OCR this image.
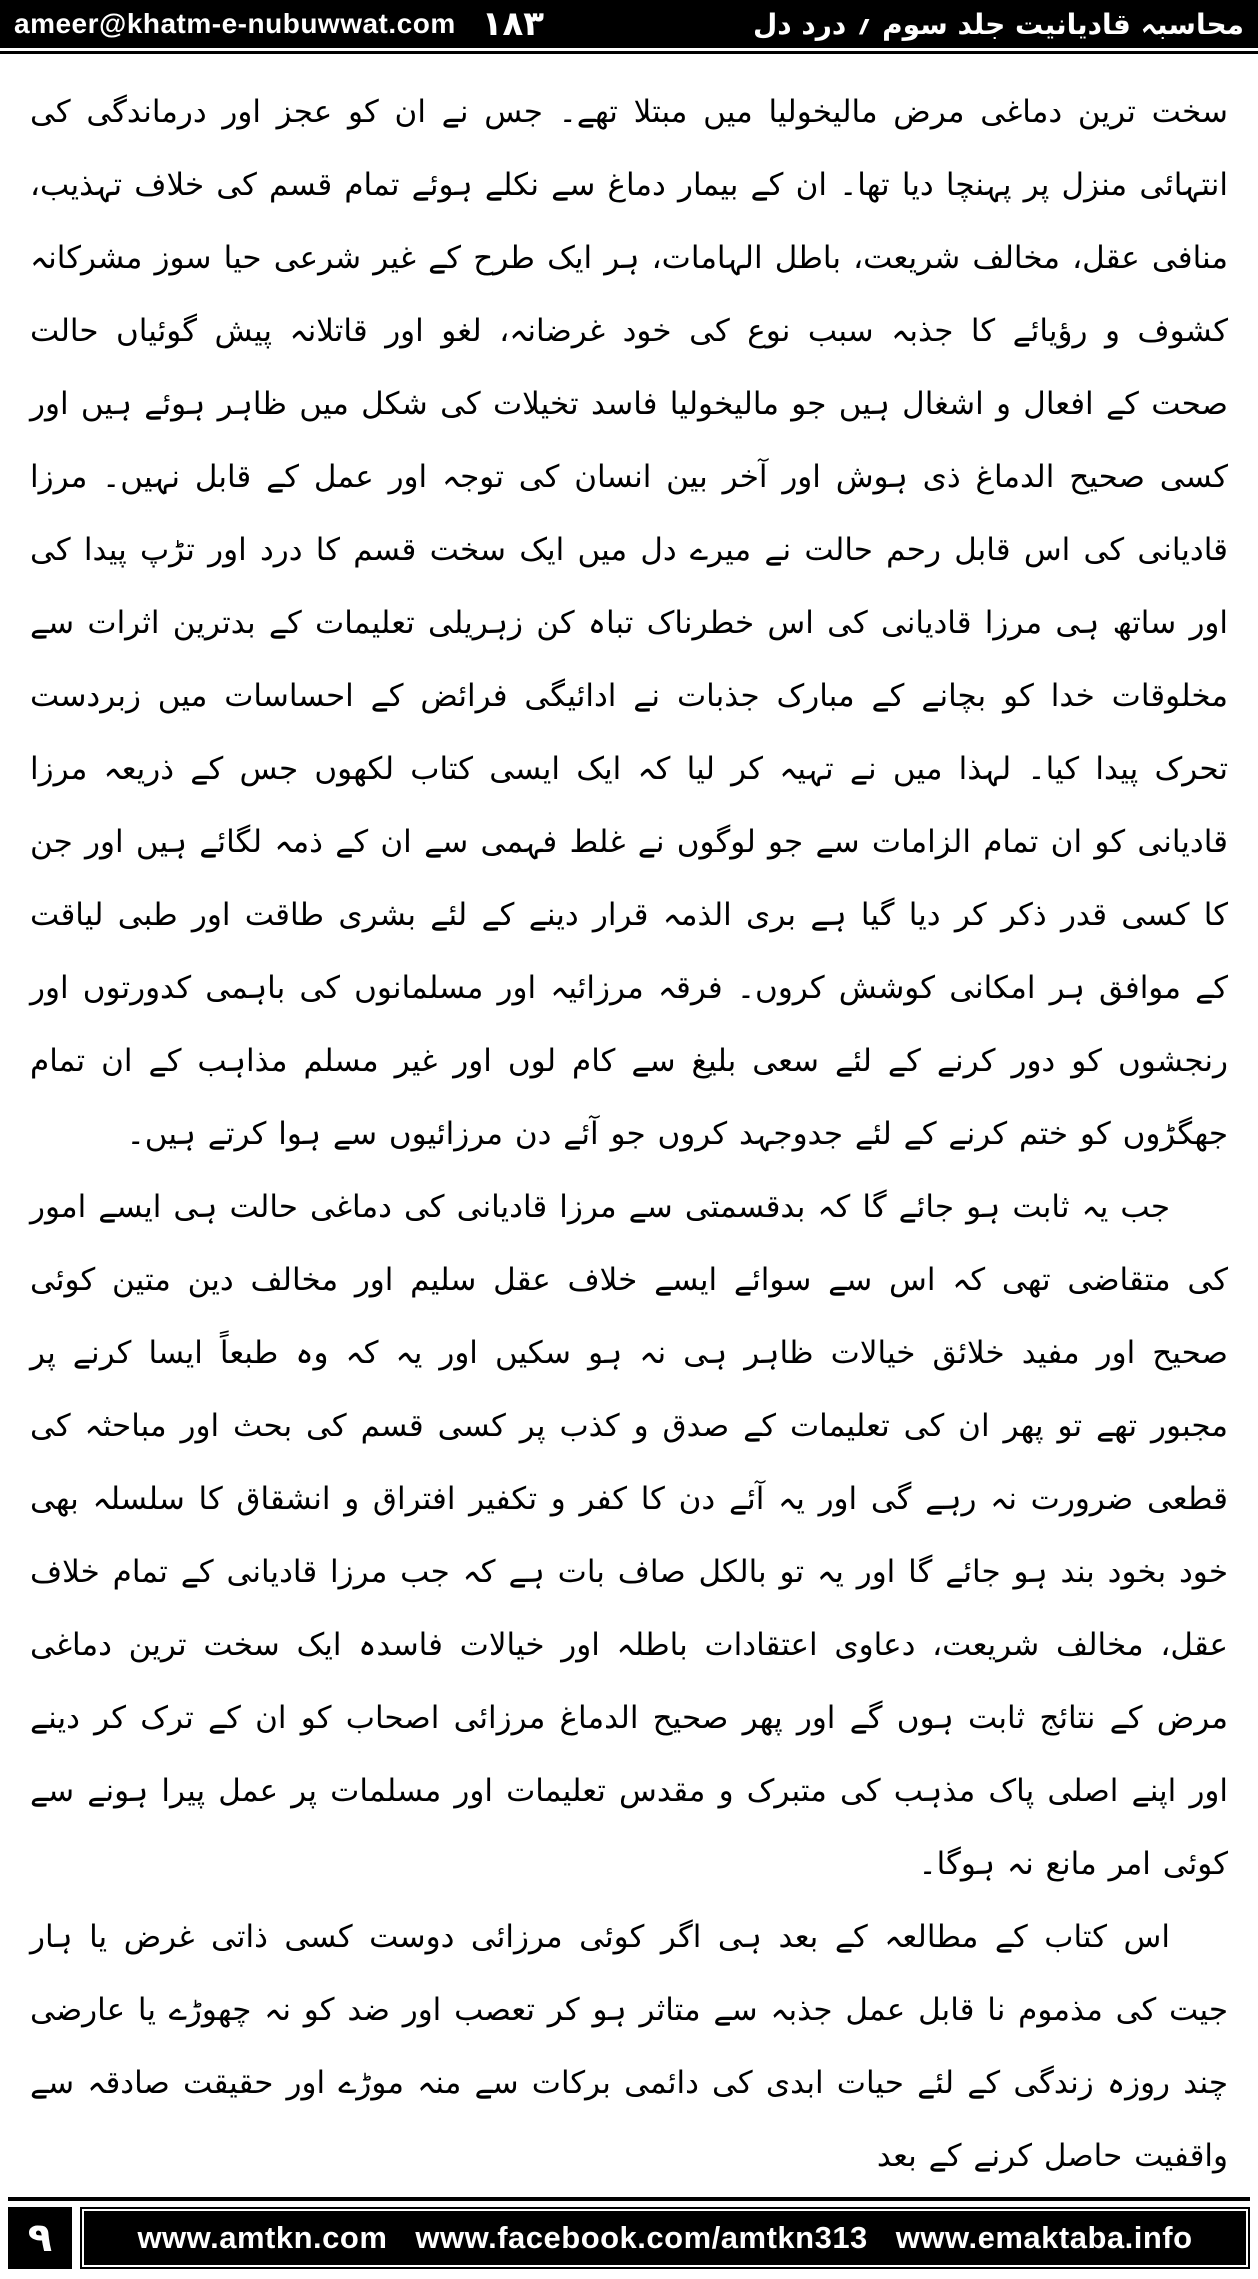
ameer@khatm-e-nubuwwat.com ۱۸۳	محاسبہ قادیانیت جلد سوم ؍ درد دل

سخت ترین دماغی مرض مالیخولیا میں مبتلا تھے۔ جس نے ان کو عجز اور درماندگی کی انتہائی منزل پر پہنچا دیا تھا۔ ان کے بیمار دماغ سے نکلے ہوئے تمام قسم کی خلاف تہذیب، منافی عقل، مخالف شریعت، باطل الہامات، ہر ایک طرح کے غیر شرعی حیا سوز مشرکانہ کشوف و رؤیائے کا جذبہ سبب نوع کی خود غرضانہ، لغو اور قاتلانہ پیش گوئیاں حالت صحت کے افعال و اشغال ہیں جو مالیخولیا فاسد تخیلات کی شکل میں ظاہر ہوئے ہیں اور کسی صحیح الدماغ ذی ہوش اور آخر بین انسان کی توجہ اور عمل کے قابل نہیں۔ مرزا قادیانی کی اس قابل رحم حالت نے میرے دل میں ایک سخت قسم کا درد اور تڑپ پیدا کی اور ساتھ ہی مرزا قادیانی کی اس خطرناک تباہ کن زہریلی تعلیمات کے بدترین اثرات سے مخلوقات خدا کو بچانے کے مبارک جذبات نے ادائیگی فرائض کے احساسات میں زبردست تحرک پیدا کیا۔ لہذا میں نے تہیہ کر لیا کہ ایک ایسی کتاب لکھوں جس کے ذریعہ مرزا قادیانی کو ان تمام الزامات سے جو لوگوں نے غلط فہمی سے ان کے ذمہ لگائے ہیں اور جن کا کسی قدر ذکر کر دیا گیا ہے بری الذمہ قرار دینے کے لئے بشری طاقت اور طبی لیاقت کے موافق ہر امکانی کوشش کروں۔ فرقہ مرزائیہ اور مسلمانوں کی باہمی کدورتوں اور رنجشوں کو دور کرنے کے لئے سعی بلیغ سے کام لوں اور غیر مسلم مذاہب کے ان تمام جھگڑوں کو ختم کرنے کے لئے جدوجہد کروں جو آئے دن مرزائیوں سے ہوا کرتے ہیں۔

جب یہ ثابت ہو جائے گا کہ بدقسمتی سے مرزا قادیانی کی دماغی حالت ہی ایسے امور کی متقاضی تھی کہ اس سے سوائے ایسے خلاف عقل سلیم اور مخالف دین متین کوئی صحیح اور مفید خلائق خیالات ظاہر ہی نہ ہو سکیں اور یہ کہ وہ طبعاً ایسا کرنے پر مجبور تھے تو پھر ان کی تعلیمات کے صدق و کذب پر کسی قسم کی بحث اور مباحثہ کی قطعی ضرورت نہ رہے گی اور یہ آئے دن کا کفر و تکفیر افتراق و انشقاق کا سلسلہ بھی خود بخود بند ہو جائے گا اور یہ تو بالکل صاف بات ہے کہ جب مرزا قادیانی کے تمام خلاف عقل، مخالف شریعت، دعاوی اعتقادات باطلہ اور خیالات فاسدہ ایک سخت ترین دماغی مرض کے نتائج ثابت ہوں گے اور پھر صحیح الدماغ مرزائی اصحاب کو ان کے ترک کر دینے اور اپنے اصلی پاک مذہب کی متبرک و مقدس تعلیمات اور مسلمات پر عمل پیرا ہونے سے کوئی امر مانع نہ ہوگا۔

اس کتاب کے مطالعہ کے بعد ہی اگر کوئی مرزائی دوست کسی ذاتی غرض یا ہار جیت کی مذموم نا قابل عمل جذبہ سے متاثر ہو کر تعصب اور ضد کو نہ چھوڑے یا عارضی چند روزہ زندگی کے لئے حیات ابدی کی دائمی برکات سے منہ موڑے اور حقیقت صادقہ سے واقفیت حاصل کرنے کے بعد

۹	www.amtkn.com www.facebook.com/amtkn313 www.emaktaba.info
